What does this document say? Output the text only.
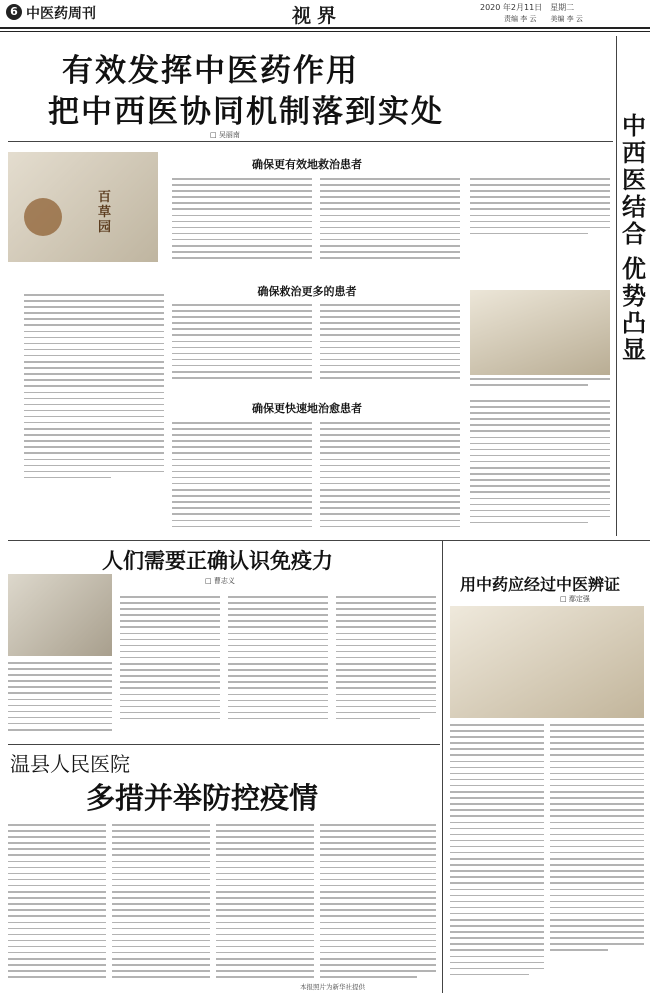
6 中医药周刊	视界	2020 年2月11日　星期二
责编 李 云　　美编 李 云
有效发挥中医药作用
把中西医协同机制落到实处
□ 吴丽南
百草园
确保更有效地救治患者
确保救治更多的患者
确保更快速地治愈患者
中
西
医
结
合
优
势
凸
显
人们需要正确认识免疫力
□ 曹志义	用中药应经过中医辨证
□ 鄢定强
温县人民医院
多措并举防控疫情
本报照片为新华社提供
